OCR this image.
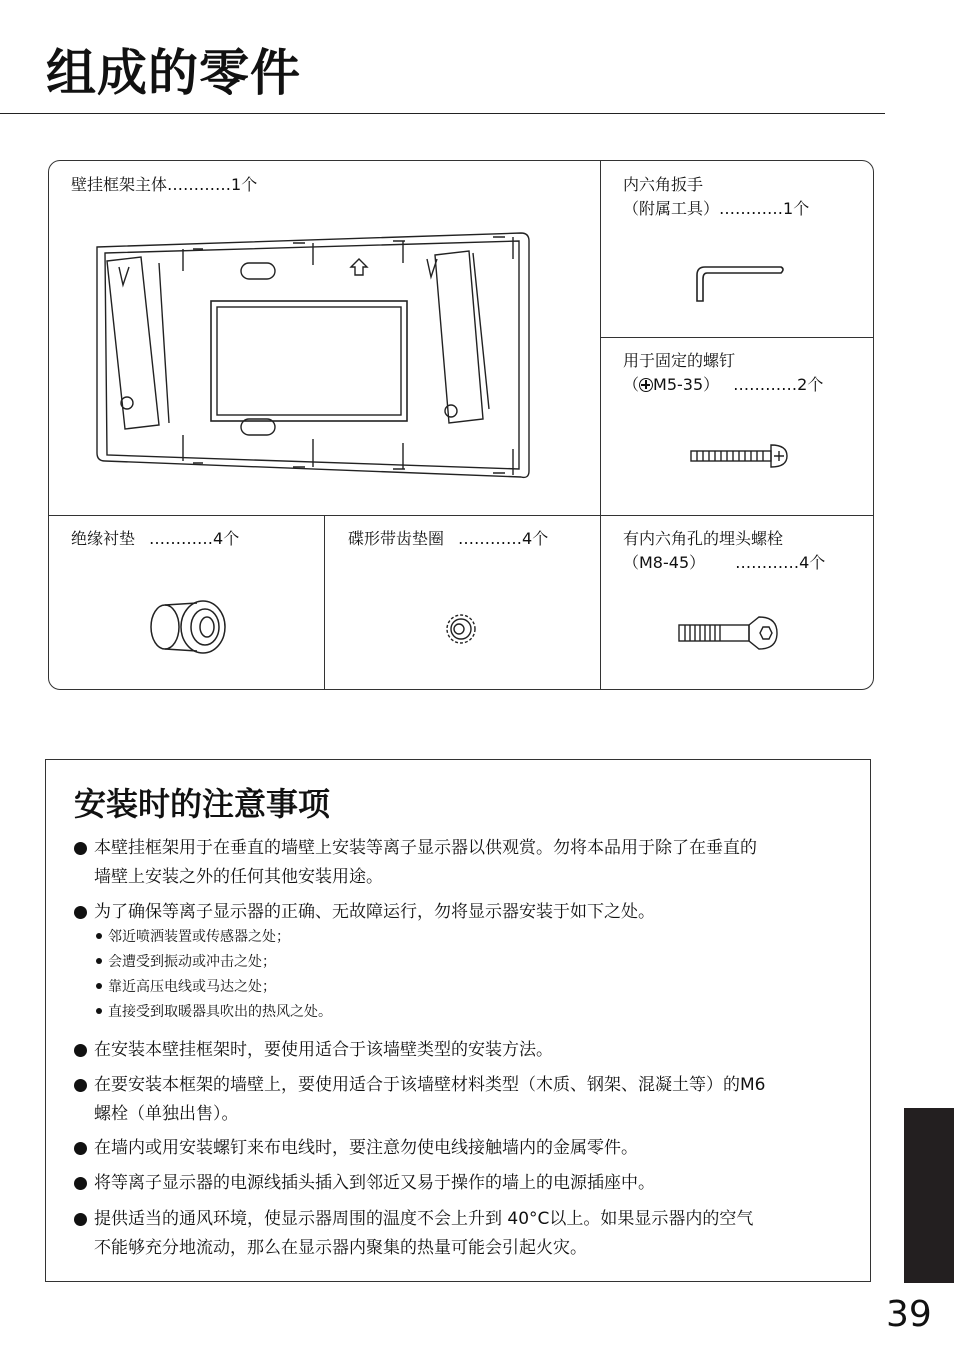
组成的零件
壁挂框架主体…………1个	内六角扳手
（附属工具）…………1个
用于固定的螺钉
（ M5-35） …………2个
绝缘衬垫 …………4个	碟形带齿垫圈 …………4个	有内六角孔的埋头螺栓
（M8-45） …………4个
安装时的注意事项
本壁挂框架用于在垂直的墙壁上安装等离子显示器以供观赏。勿将本品用于除了在垂直的
墙壁上安装之外的任何其他安装用途。
为了确保等离子显示器的正确、无故障运行，勿将显示器安装于如下之处。
邻近喷洒装置或传感器之处；
会遭受到振动或冲击之处；
靠近高压电线或马达之处；
直接受到取暖器具吹出的热风之处。
在安装本壁挂框架时，要使用适合于该墙壁类型的安装方法。
在要安装本框架的墙壁上，要使用适合于该墙壁材料类型（木质、钢架、混凝土等）的M6
螺栓（单独出售）。
在墙内或用安装螺钉来布电线时，要注意勿使电线接触墙内的金属零件。
将等离子显示器的电源线插头插入到邻近又易于操作的墙上的电源插座中。
提供适当的通风环境，使显示器周围的温度不会上升到 40°C以上。如果显示器内的空气
不能够充分地流动，那么在显示器内聚集的热量可能会引起火灾。
39
